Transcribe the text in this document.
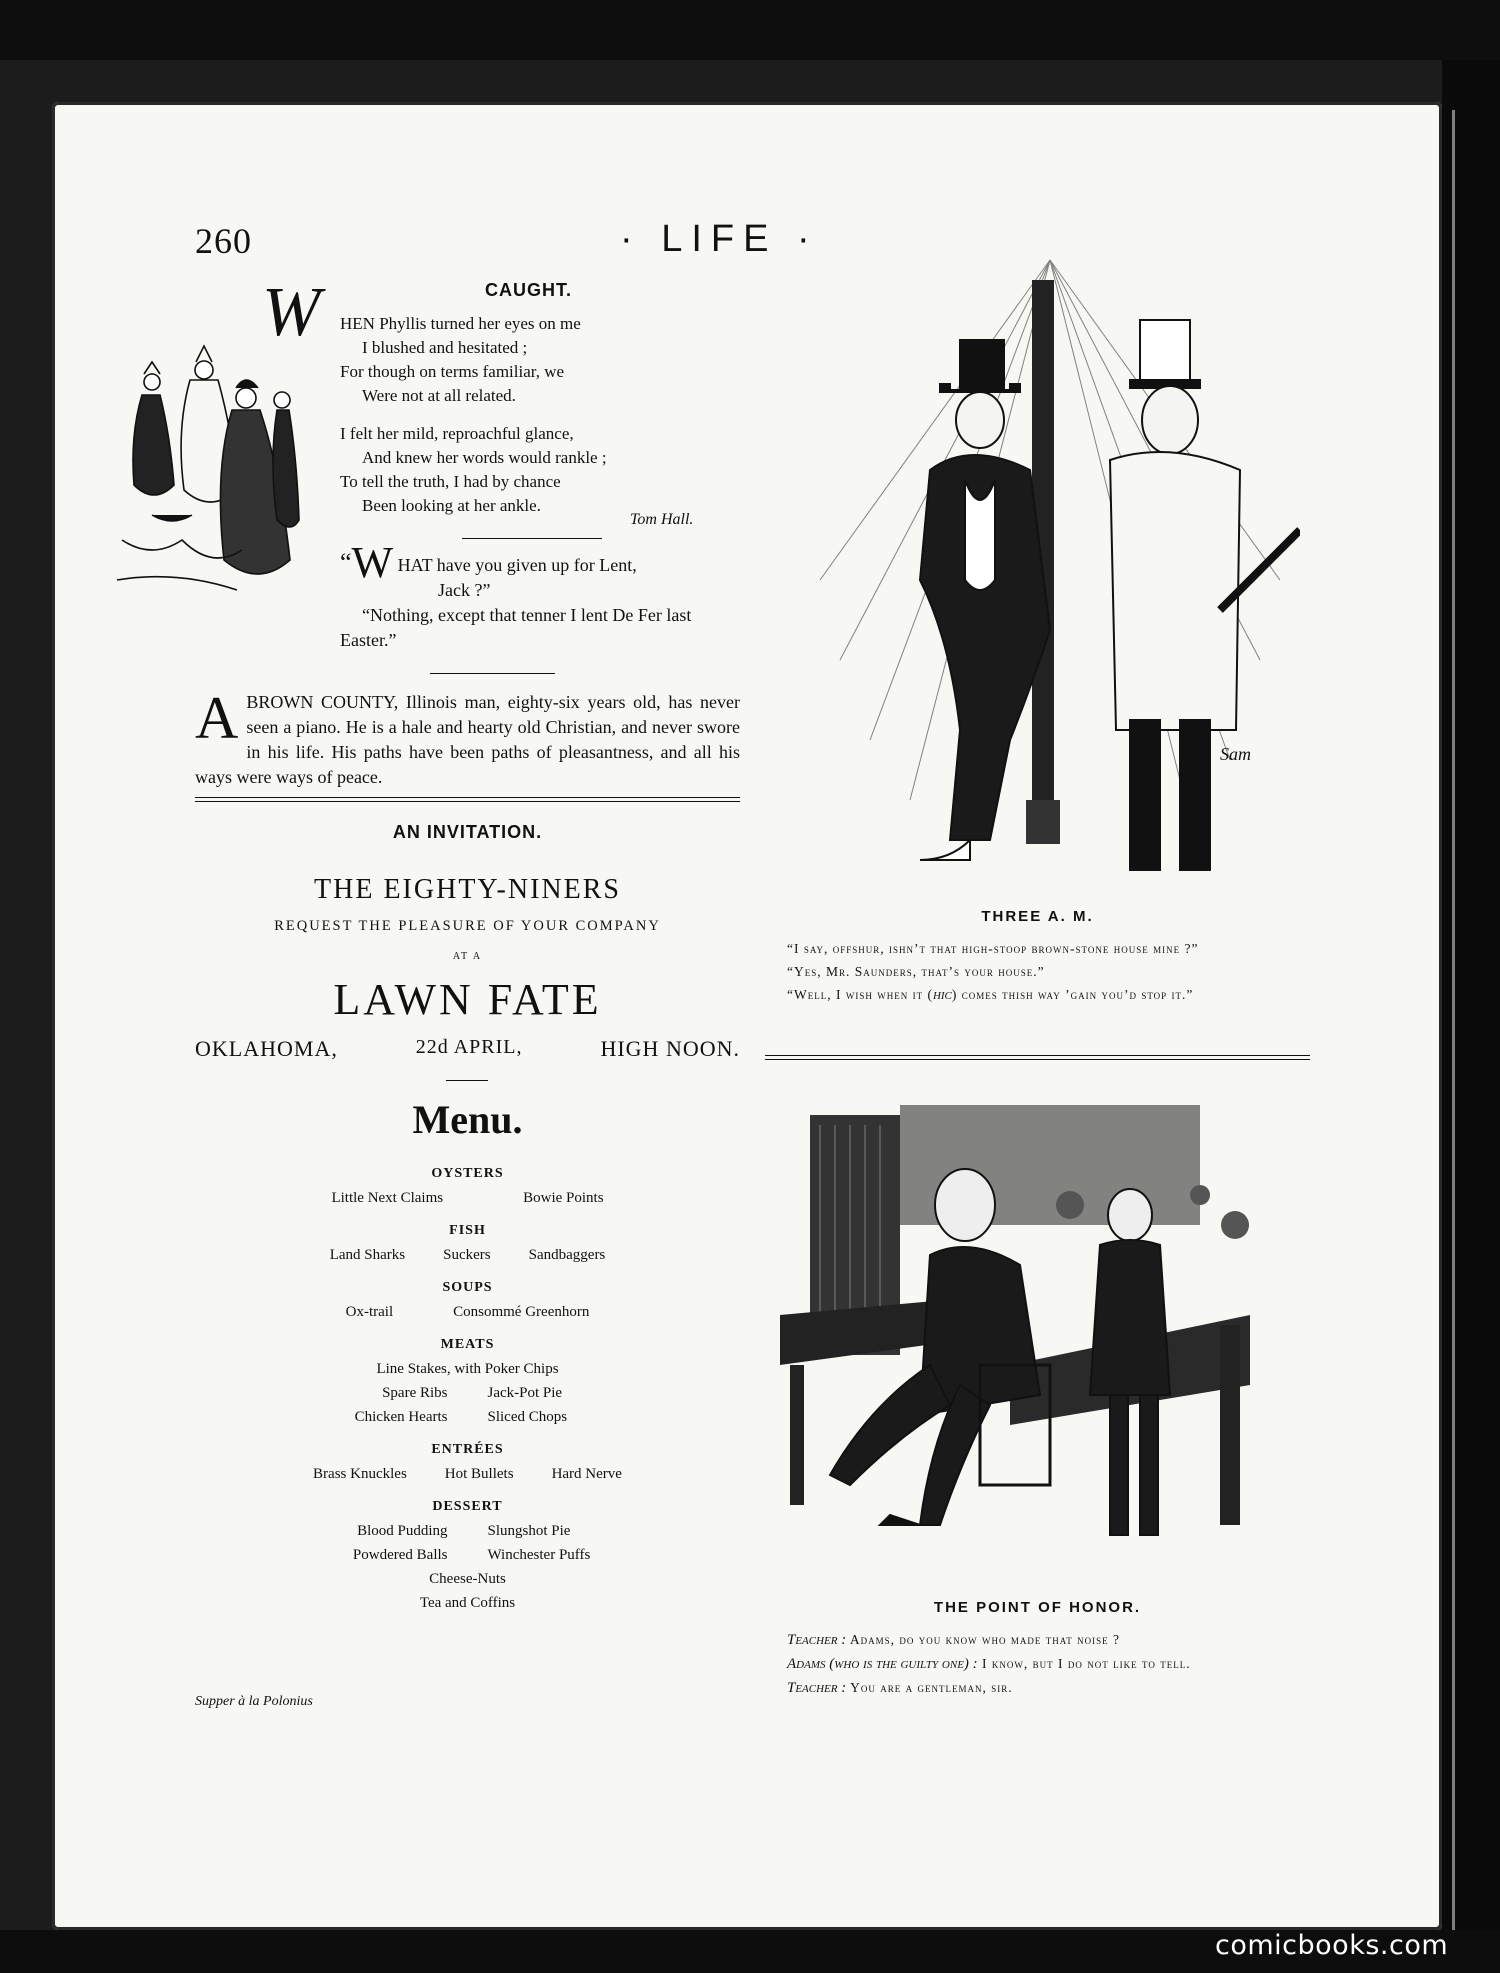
260	· LIFE ·
CAUGHT.
W HEN Phyllis turned her eyes on me
I blushed and hesitated ;
For though on terms familiar, we
Were not at all related.
I felt her mild, reproachful glance,
And knew her words would rankle ;
To tell the truth, I had by chance
Been looking at her ankle.
Tom Hall.
“W HAT have you given up for Lent,
Jack ?”
“Nothing, except that tenner I lent De Fer last Easter.”
A BROWN COUNTY, Illinois man, eighty-six years old, has never seen a piano. He is a hale and hearty old Christian, and never swore in his life. His paths have been paths of pleasantness, and all his ways were ways of peace.
AN INVITATION.
THE EIGHTY-NINERS
REQUEST THE PLEASURE OF YOUR COMPANY
AT A
LAWN FATE
OKLAHOMA,	22d APRIL,	HIGH NOON.
Menu.
OYSTERS
Little Next Claims	Bowie Points
FISH
Land Sharks	Suckers	Sandbaggers
SOUPS
Ox-trail	Consommé Greenhorn
MEATS
Line Stakes, with Poker Chips
Spare Ribs	Jack-Pot Pie
Chicken Hearts	Sliced Chops
ENTRÉES
Brass Knuckles	Hot Bullets	Hard Nerve
DESSERT
Blood Pudding	Slungshot Pie
Powdered Balls	Winchester Puffs
Cheese-Nuts
Tea and Coffins
Supper à la Polonius
Sam
THREE A. M.
“I say, offshur, ishn’t that high-stoop brown-stone house mine ?”
“Yes, Mr. Saunders, that’s your house.”
“Well, I wish when it (hic) comes thish way ’gain you’d stop it.”
THE POINT OF HONOR.
Teacher : Adams, do you know who made that noise ?
Adams (who is the guilty one) : I know, but I do not like to tell.
Teacher : You are a gentleman, sir.
comicbooks.com
